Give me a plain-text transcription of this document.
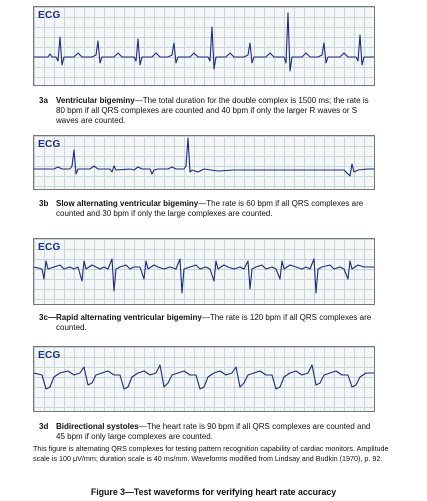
ECG
3a Ventricular bigeminy—The total duration for the double complex is 1500 ms; the rate is 80 bpm if all QRS complexes are counted and 40 bpm if only the larger R waves or S waves are counted.
ECG
3b Slow alternating ventricular bigeminy—The rate is 60 bpm if all QRS complexes are counted and 30 bpm if only the large complexes are counted.
ECG
3c— Rapid alternating ventricular bigeminy—The rate is 120 bpm if all QRS complexes are counted.
ECG
3d Bidirectional systoles—The heart rate is 90 bpm if all QRS complexes are counted and 45 bpm if only large complexes are counted.
This figure is alternating QRS complexes for testing pattern recognition capability of cardiac monitors. Amplitude scale is 100 μV/mm; duration scale is 40 ms/mm. Waveforms modified from Lindsay and Budkin (1970), p. 92.
Figure 3—Test waveforms for verifying heart rate accuracy
